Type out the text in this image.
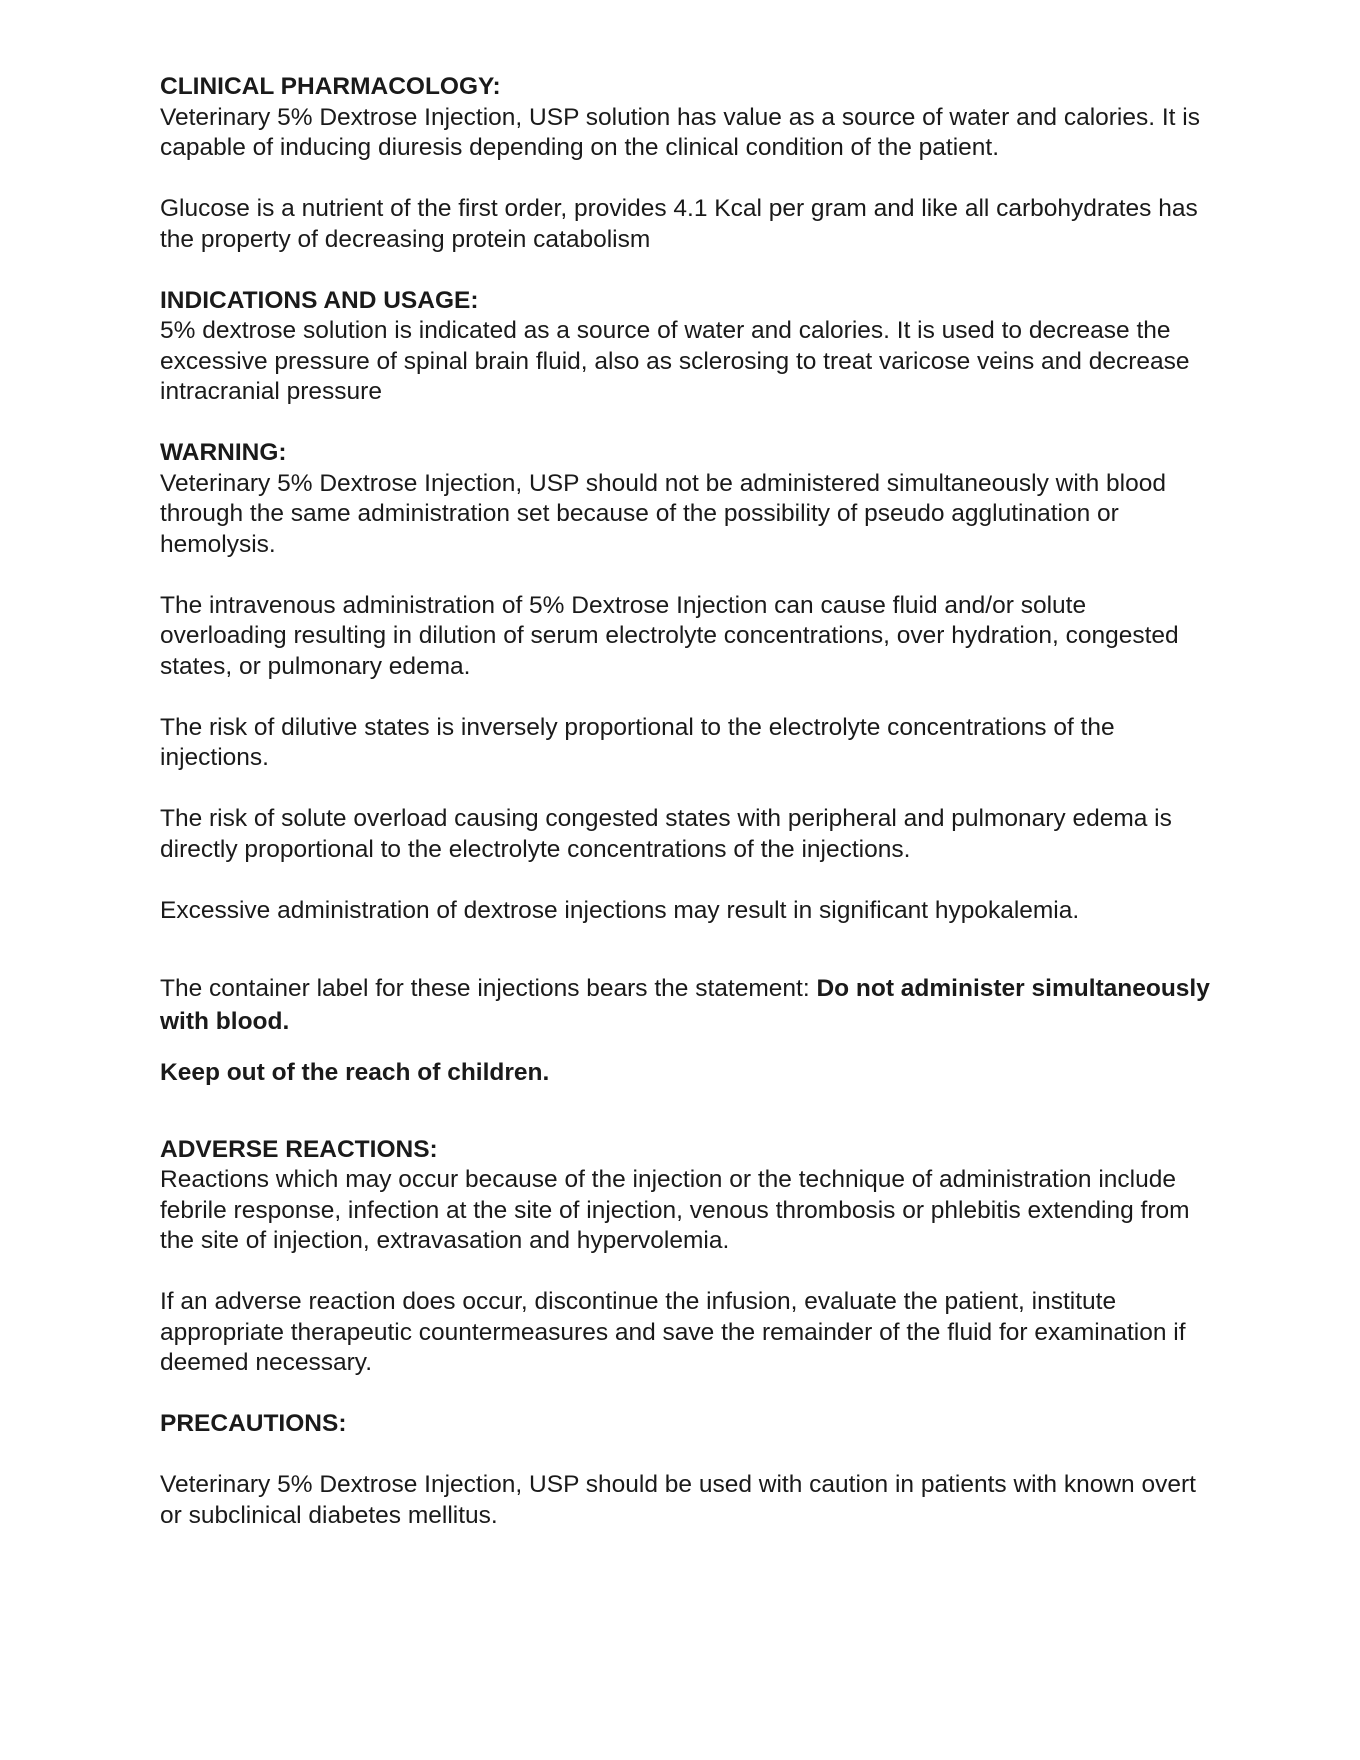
CLINICAL PHARMACOLOGY:

Veterinary 5% Dextrose Injection, USP solution has value as a source of water and calories. It is capable of inducing diuresis depending on the clinical condition of the patient.

Glucose is a nutrient of the first order, provides 4.1 Kcal per gram and like all carbohydrates has the property of decreasing protein catabolism

INDICATIONS AND USAGE:

5% dextrose solution is indicated as a source of water and calories. It is used to decrease the excessive pressure of spinal brain fluid, also as sclerosing to treat varicose veins and decrease intracranial pressure

WARNING:

Veterinary 5% Dextrose Injection, USP should not be administered simultaneously with blood through the same administration set because of the possibility of pseudo agglutination or hemolysis.

The intravenous administration of 5% Dextrose Injection can cause fluid and/or solute overloading resulting in dilution of serum electrolyte concentrations, over hydration, congested states, or pulmonary edema.

The risk of dilutive states is inversely proportional to the electrolyte concentrations of the injections.

The risk of solute overload causing congested states with peripheral and pulmonary edema is directly proportional to the electrolyte concentrations of the injections.

Excessive administration of dextrose injections may result in significant hypokalemia.

The container label for these injections bears the statement: Do not administer simultaneously with blood.

Keep out of the reach of children.

ADVERSE REACTIONS:

Reactions which may occur because of the injection or the technique of administration include febrile response, infection at the site of injection, venous thrombosis or phlebitis extending from the site of injection, extravasation and hypervolemia.

If an adverse reaction does occur, discontinue the infusion, evaluate the patient, institute appropriate therapeutic countermeasures and save the remainder of the fluid for examination if deemed necessary.

PRECAUTIONS:

Veterinary 5% Dextrose Injection, USP should be used with caution in patients with known overt or subclinical diabetes mellitus.
